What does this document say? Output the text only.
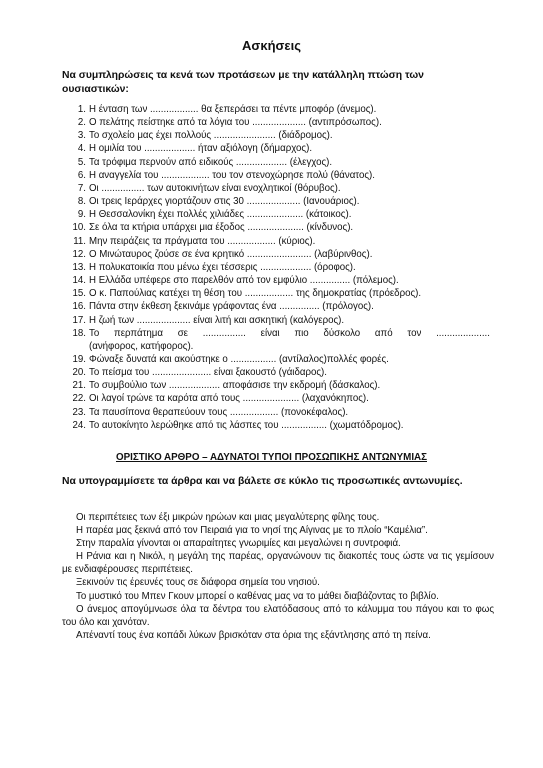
Ασκήσεις
Να συμπληρώσεις τα κενά των προτάσεων με την κατάλληλη πτώση των ουσιαστικών:
1. Η ένταση των .................. θα ξεπεράσει τα πέντε μποφόρ (άνεμος).
2. Ο πελάτης πείστηκε από τα λόγια του .................... (αντιπρόσωπος).
3. Το σχολείο μας έχει πολλούς ....................... (διάδρομος).
4. Η ομιλία του ................... ήταν αξιόλογη (δήμαρχος).
5. Τα τρόφιμα περνούν από ειδικούς ................... (έλεγχος).
6. Η αναγγελία του .................. του τον στενοχώρησε πολύ (θάνατος).
7. Οι ................ των αυτοκινήτων είναι ενοχλητικοί (θόρυβος).
8. Οι τρεις Ιεράρχες γιορτάζουν στις 30 .................... (Ιανουάριος).
9. Η Θεσσαλονίκη έχει πολλές χιλιάδες ..................... (κάτοικος).
10. Σε όλα τα κτήρια υπάρχει μια έξοδος ..................... (κίνδυνος).
11. Μην πειράζεις τα πράγματα του .................. (κύριος).
12. Ο Μινώταυρος ζούσε σε ένα κρητικό ........................ (λαβύρινθος).
13. Η πολυκατοικία που μένω έχει τέσσερις ................... (όροφος).
14. Η Ελλάδα υπέφερε στο παρελθόν από τον εμφύλιο ............... (πόλεμος).
15. Ο κ. Παπούλιας κατέχει τη θέση του .................. της δημοκρατίας (πρόεδρος).
16. Πάντα στην έκθεση ξεκινάμε γράφοντας ένα ............... (πρόλογος).
17. Η ζωή των .................... είναι λιτή και ασκητική (καλόγερος).
18. Το περπάτημα σε ................ είναι πιο δύσκολο από τον ....................
(ανήφορος, κατήφορος).
19. Φώναξε δυνατά και ακούστηκε ο ................. (αντίλαλος)πολλές φορές.
20. Το πείσμα του ...................... είναι ξακουστό (γάιδαρος).
21. Το συμβούλιο των ................... αποφάσισε την εκδρομή (δάσκαλος).
22. Οι λαγοί τρώνε τα καρότα από τους ..................... (λαχανόκηπος).
23. Τα παυσίπονα θεραπεύουν τους .................. (πονοκέφαλος).
24. Το αυτοκίνητο λερώθηκε από τις λάσπες του ................. (χωματόδρομος).
ΟΡΙΣΤΙΚΟ ΑΡΘΡΟ – ΑΔΥΝΑΤΟΙ ΤΥΠΟΙ ΠΡΟΣΩΠΙΚΗΣ ΑΝΤΩΝΥΜΙΑΣ
Να υπογραμμίσετε τα άρθρα και να βάλετε σε κύκλο τις προσωπικές αντωνυμίες.

Οι περιπέτειες των έξι μικρών ηρώων και μιας μεγαλύτερης φίλης τους.

Η παρέα μας ξεκινά από τον Πειραιά για το νησί της Αίγινας με το πλοίο “Καμέλια”.

Στην παραλία γίνονται οι απαραίτητες γνωριμίες και μεγαλώνει η συντροφιά.

Η Ράνια και η Νικόλ, η μεγάλη της παρέας, οργανώνουν τις διακοπές τους ώστε να τις γεμίσουν με ενδιαφέρουσες περιπέτειες.

Ξεκινούν τις έρευνές τους σε διάφορα σημεία του νησιού.

Το μυστικό του Μπεν Γκουν μπορεί ο καθένας μας να το μάθει διαβάζοντας το βιβλίο.

Ο άνεμος απογύμνωσε όλα τα δέντρα του ελατόδασους από το κάλυμμα του πάγου και το φως του όλο και χανόταν.

Απέναντί τους ένα κοπάδι λύκων βρισκόταν στα όρια της εξάντλησης από τη πείνα.
